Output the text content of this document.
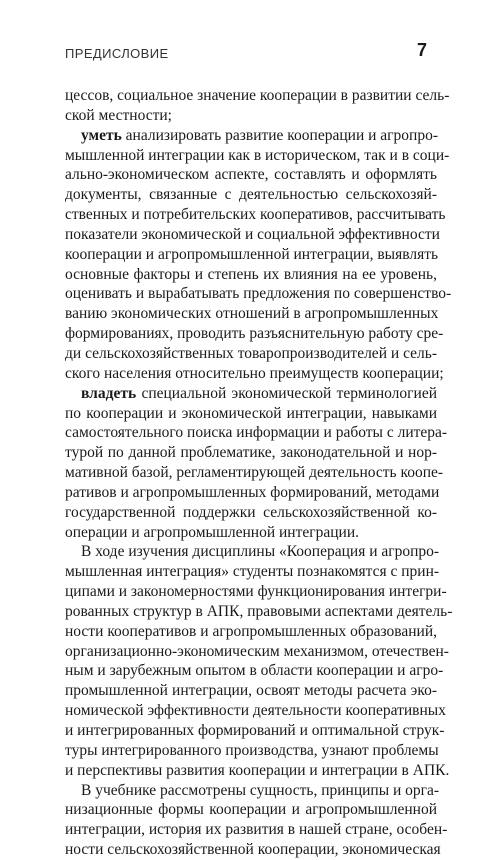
ПРЕДИСЛОВИЕ	7

цессов, социальное значение кооперации в развитии сель-
ской местности;

уметь анализировать развитие кооперации и агропро-
мышленной интеграции как в историческом, так и в соци-
ально-экономическом аспекте, составлять и оформлять
документы, связанные с деятельностью сельскохозяй-
ственных и потребительских кооперативов, рассчитывать
показатели экономической и социальной эффективности
кооперации и агропромышленной интеграции, выявлять
основные факторы и степень их влияния на ее уровень,
оценивать и вырабатывать предложения по совершенство-
ванию экономических отношений в агропромышленных
формированиях, проводить разъяснительную работу сре-
ди сельскохозяйственных товаропроизводителей и сель-
ского населения относительно преимуществ кооперации;

владеть специальной экономической терминологией
по кооперации и экономической интеграции, навыками
самостоятельного поиска информации и работы с литера-
турой по данной проблематике, законодательной и нор-
мативной базой, регламентирующей деятельность коопе-
ративов и агропромышленных формирований, методами
государственной поддержки сельскохозяйственной ко-
операции и агропромышленной интеграции.

В ходе изучения дисциплины «Кооперация и агропро-
мышленная интеграция» студенты познакомятся с прин-
ципами и закономерностями функционирования интегри-
рованных структур в АПК, правовыми аспектами деятель-
ности кооперативов и агропромышленных образований,
организационно-экономическим механизмом, отечествен-
ным и зарубежным опытом в области кооперации и агро-
промышленной интеграции, освоят методы расчета эко-
номической эффективности деятельности кооперативных
и интегрированных формирований и оптимальной струк-
туры интегрированного производства, узнают проблемы
и перспективы развития кооперации и интеграции в АПК.

В учебнике рассмотрены сущность, принципы и орга-
низационные формы кооперации и агропромышленной
интеграции, история их развития в нашей стране, особен-
ности сельскохозяйственной кооперации, экономическая
